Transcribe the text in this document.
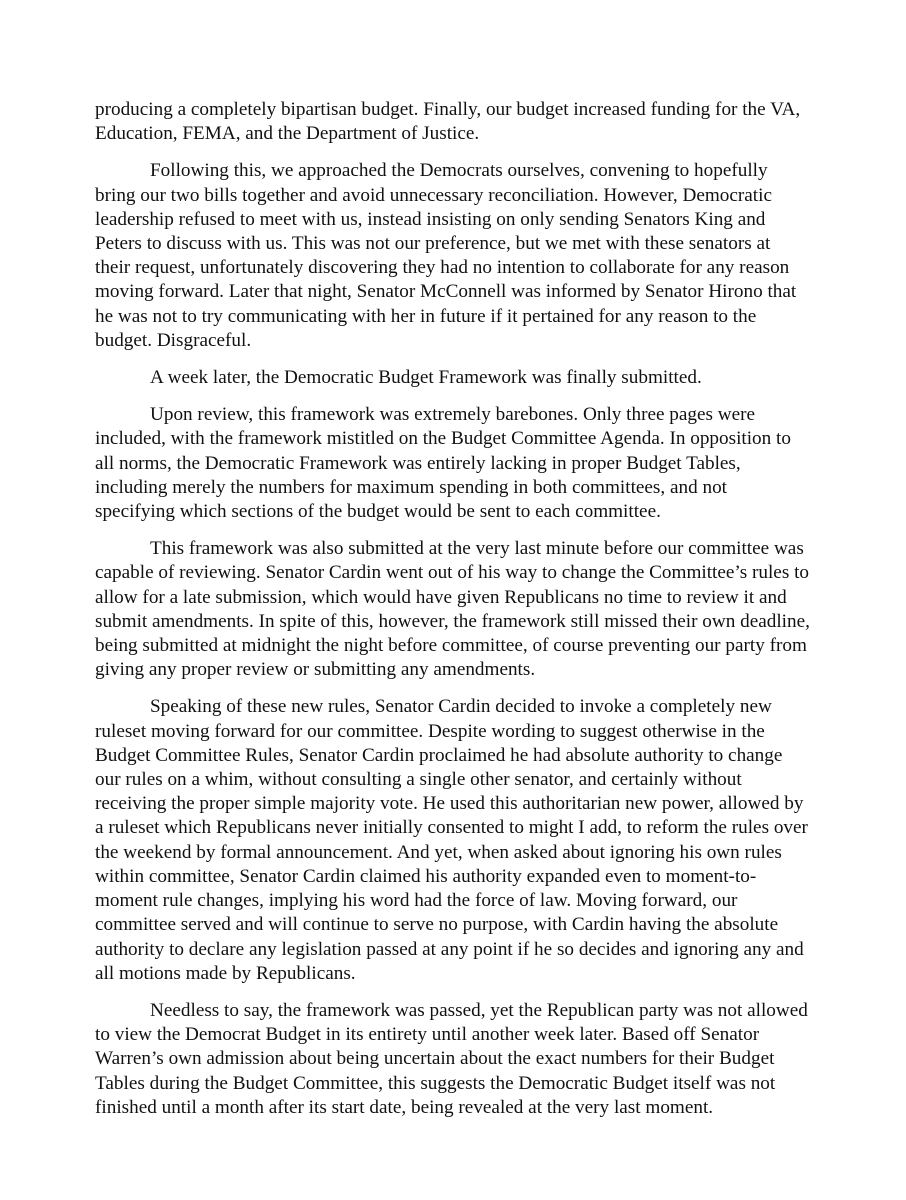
producing a completely bipartisan budget. Finally, our budget increased funding for the VA, Education, FEMA, and the Department of Justice.

Following this, we approached the Democrats ourselves, convening to hopefully bring our two bills together and avoid unnecessary reconciliation. However, Democratic leadership refused to meet with us, instead insisting on only sending Senators King and Peters to discuss with us. This was not our preference, but we met with these senators at their request, unfortunately discovering they had no intention to collaborate for any reason moving forward. Later that night, Senator McConnell was informed by Senator Hirono that he was not to try communicating with her in future if it pertained for any reason to the budget. Disgraceful.

A week later, the Democratic Budget Framework was finally submitted.

Upon review, this framework was extremely barebones. Only three pages were included, with the framework mistitled on the Budget Committee Agenda. In opposition to all norms, the Democratic Framework was entirely lacking in proper Budget Tables, including merely the numbers for maximum spending in both committees, and not specifying which sections of the budget would be sent to each committee.

This framework was also submitted at the very last minute before our committee was capable of reviewing. Senator Cardin went out of his way to change the Committee’s rules to allow for a late submission, which would have given Republicans no time to review it and submit amendments. In spite of this, however, the framework still missed their own deadline, being submitted at midnight the night before committee, of course preventing our party from giving any proper review or submitting any amendments.

Speaking of these new rules, Senator Cardin decided to invoke a completely new ruleset moving forward for our committee. Despite wording to suggest otherwise in the Budget Committee Rules, Senator Cardin proclaimed he had absolute authority to change our rules on a whim, without consulting a single other senator, and certainly without receiving the proper simple majority vote. He used this authoritarian new power, allowed by a ruleset which Republicans never initially consented to might I add, to reform the rules over the weekend by formal announcement. And yet, when asked about ignoring his own rules within committee, Senator Cardin claimed his authority expanded even to moment-to-moment rule changes, implying his word had the force of law. Moving forward, our committee served and will continue to serve no purpose, with Cardin having the absolute authority to declare any legislation passed at any point if he so decides and ignoring any and all motions made by Republicans.

Needless to say, the framework was passed, yet the Republican party was not allowed to view the Democrat Budget in its entirety until another week later. Based off Senator Warren’s own admission about being uncertain about the exact numbers for their Budget Tables during the Budget Committee, this suggests the Democratic Budget itself was not finished until a month after its start date, being revealed at the very last moment.
